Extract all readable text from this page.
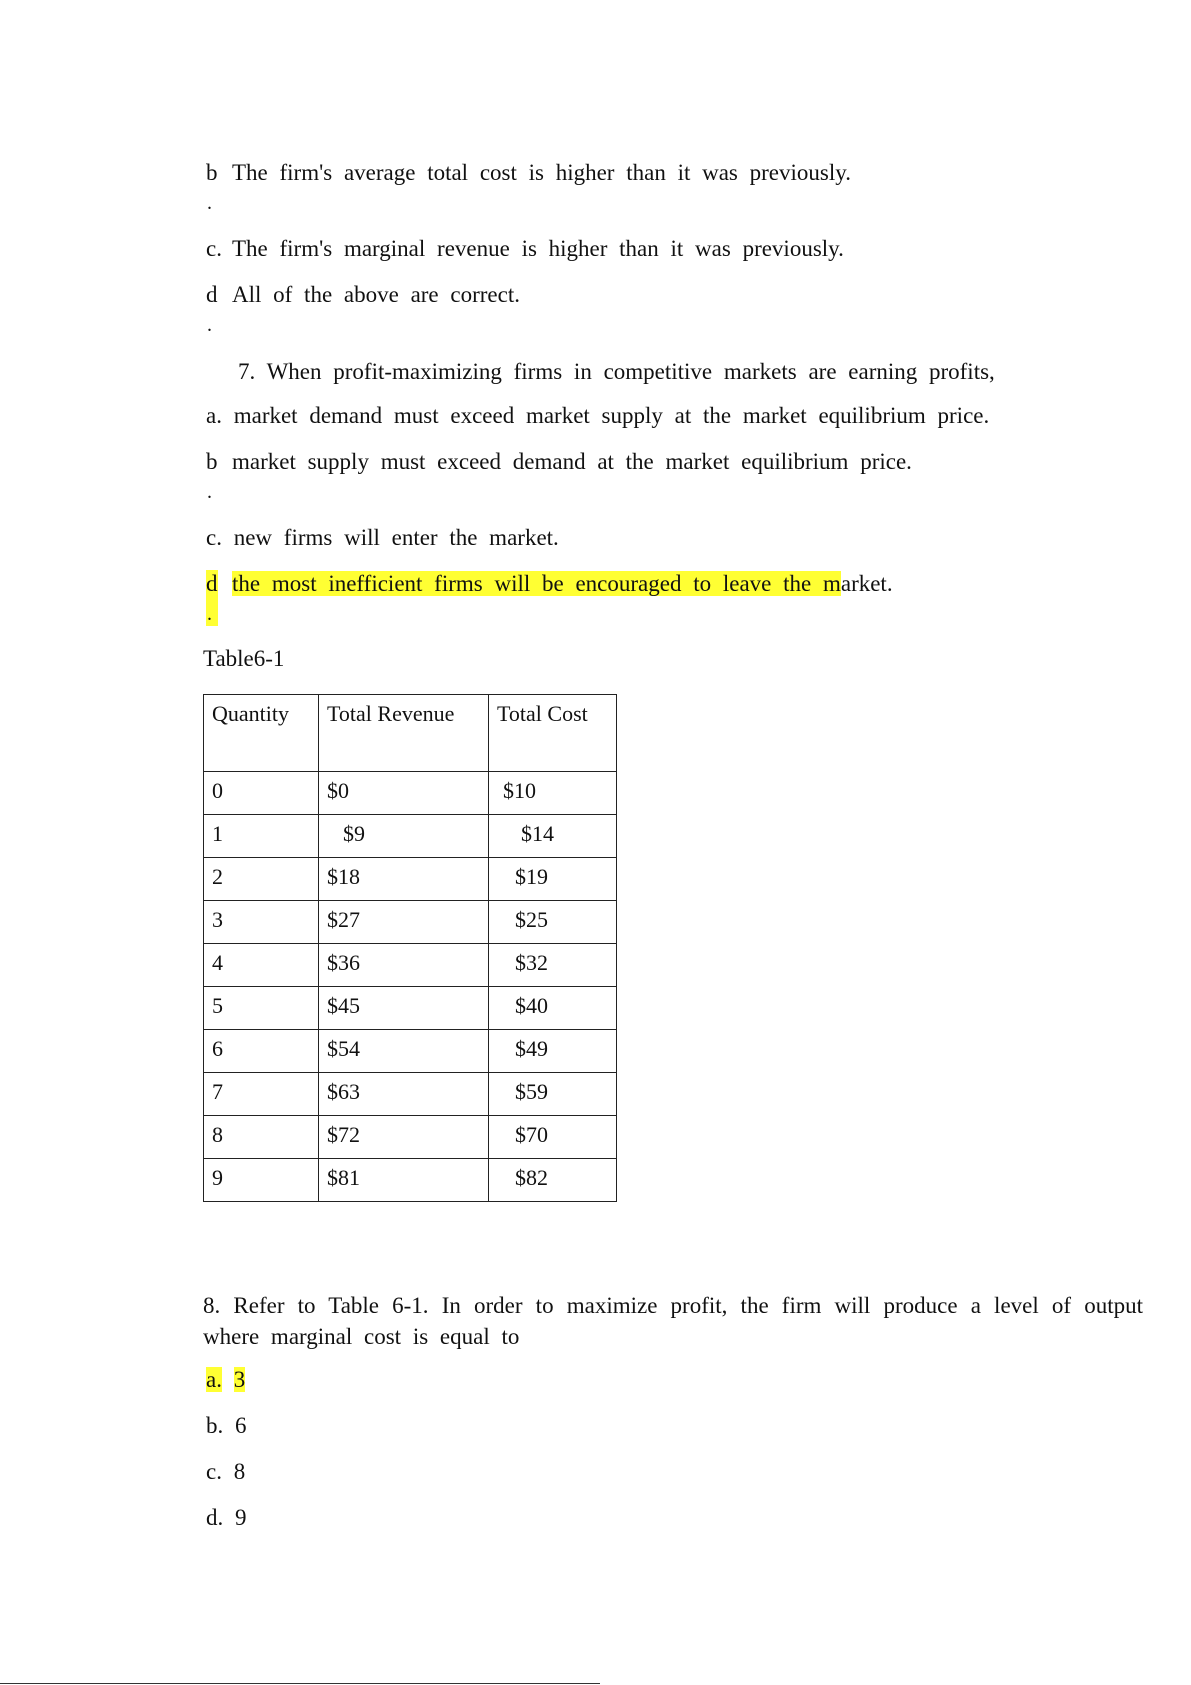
b The firm's average total cost is higher than it was previously.
.
c. The firm's marginal revenue is higher than it was previously.
d All of the above are correct.
.
7. When profit-maximizing firms in competitive markets are earning profits,
a. market demand must exceed market supply at the market equilibrium price.
b market supply must exceed demand at the market equilibrium price.
.
c. new firms will enter the market.
d the most inefficient firms will be encouraged to leave the market.
.
Table6-1
Quantity	Total Revenue	Total Cost
0	$0	$10
1	$9	$14
2	$18	$19
3	$27	$25
4	$36	$32
5	$45	$40
6	$54	$49
7	$63	$59
8	$72	$70
9	$81	$82
8. Refer to Table 6-1. In order to maximize profit, the firm will produce a level of output where marginal cost is equal to
a. 3
b. 6
c. 8
d. 9
